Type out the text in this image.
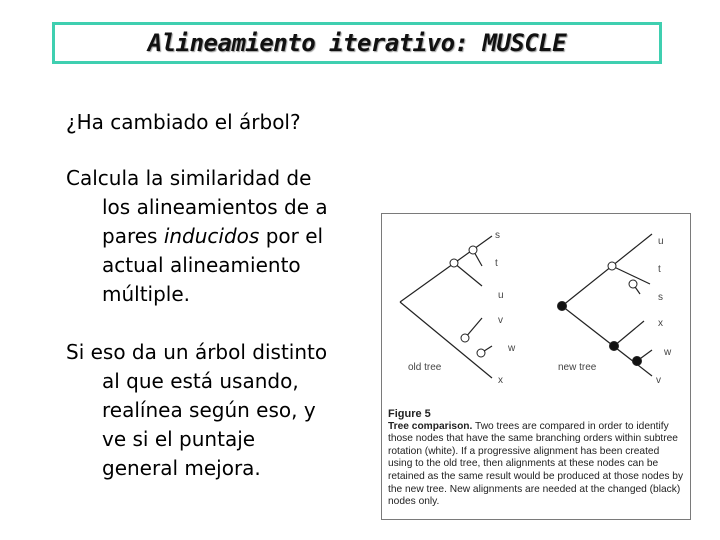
Alineamiento iterativo: MUSCLE
¿Ha cambiado el árbol?
Calcula la similaridad de
los alineamientos de a
pares inducidos por el
actual alineamiento
múltiple.
Si eso da un árbol distinto
al que está usando,
realínea según eso, y
ve si el puntaje
general mejora.
s
t
u
v
w
x
old tree
u
t
s
x
w
v
new tree
Figure 5
Tree comparison. Two trees are compared in order to identify those nodes that have the same branching orders within subtree rotation (white). If a progressive alignment has been created using to the old tree, then alignments at these nodes can be retained as the same result would be produced at those nodes by the new tree. New alignments are needed at the changed (black) nodes only.
